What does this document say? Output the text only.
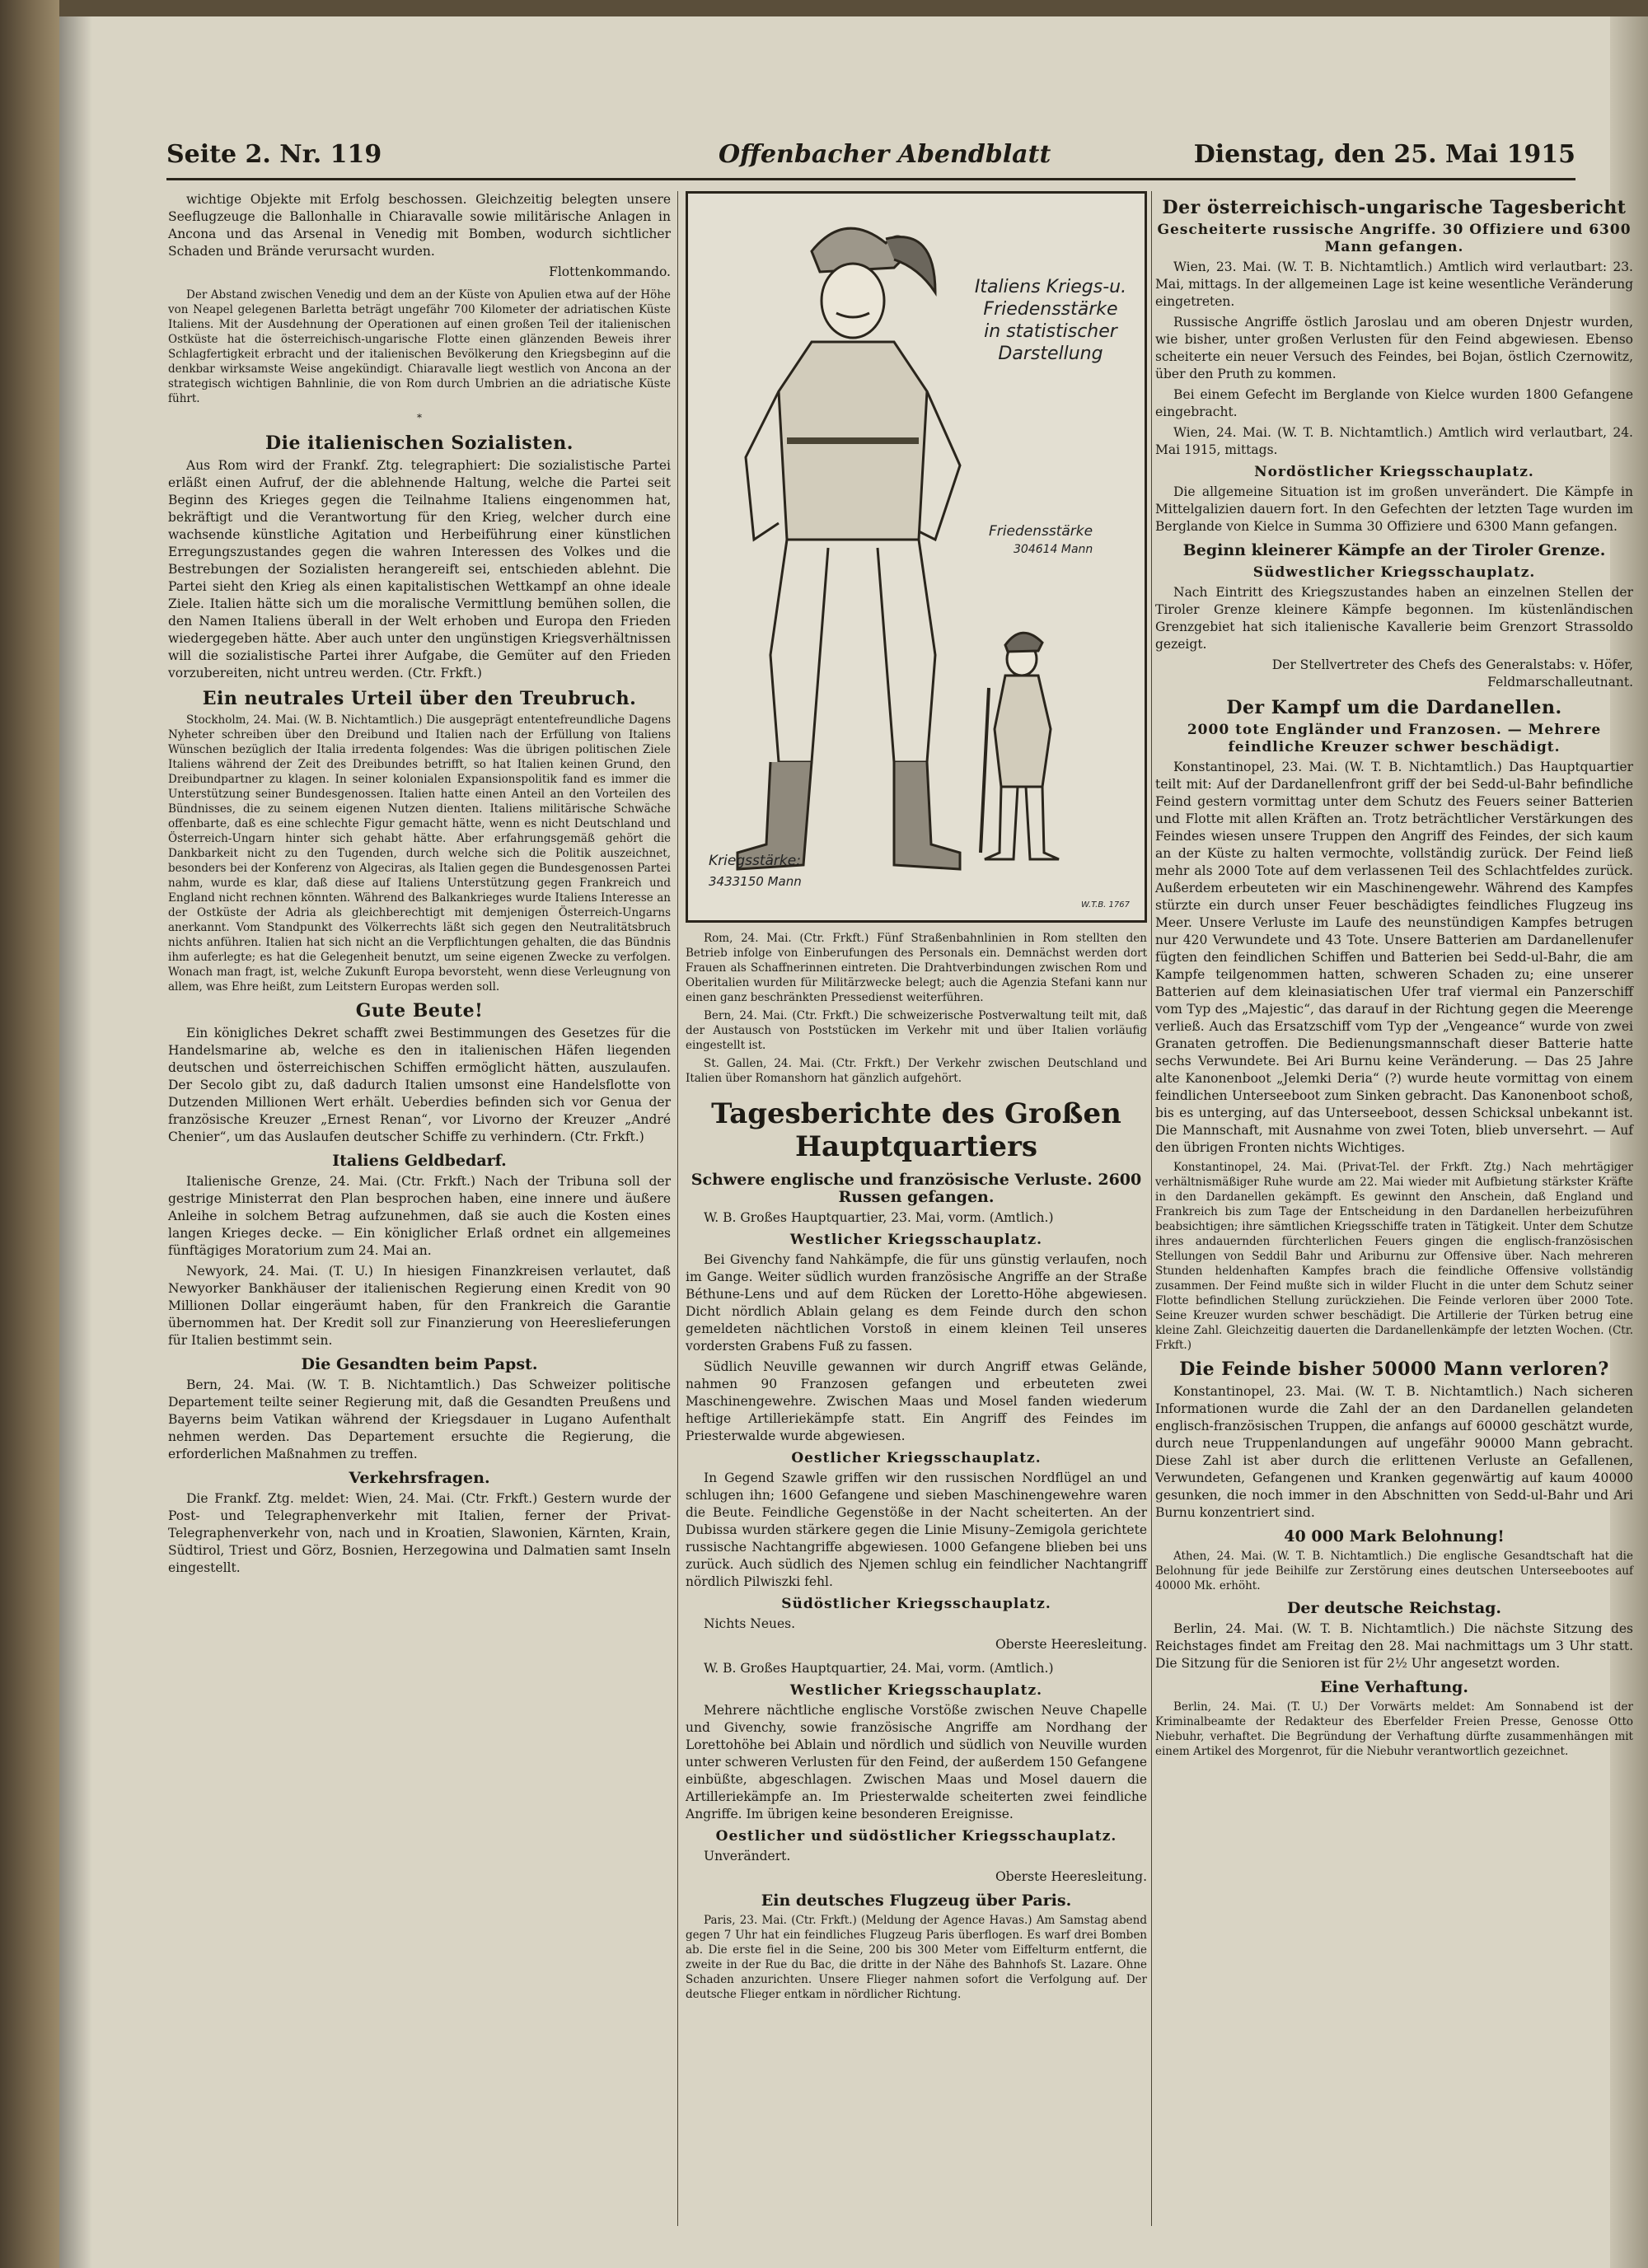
Seite 2. Nr. 119	Offenbacher Abendblatt	Dienstag, den 25. Mai 1915

wichtige Objekte mit Erfolg beschossen. Gleichzeitig belegten unsere Seeflugzeuge die Ballonhalle in Chiaravalle sowie militärische Anlagen in Ancona und das Arsenal in Venedig mit Bomben, wodurch sichtlicher Schaden und Brände verursacht wurden.

Flottenkommando.

Der Abstand zwischen Venedig und dem an der Küste von Apulien etwa auf der Höhe von Neapel gelegenen Barletta beträgt ungefähr 700 Kilometer der adriatischen Küste Italiens. Mit der Ausdehnung der Operationen auf einen großen Teil der italienischen Ostküste hat die österreichisch-ungarische Flotte einen glänzenden Beweis ihrer Schlagfertigkeit erbracht und der italienischen Bevölkerung den Kriegsbeginn auf die denkbar wirksamste Weise angekündigt. Chiaravalle liegt westlich von Ancona an der strategisch wichtigen Bahnlinie, die von Rom durch Umbrien an die adriatische Küste führt.

*
Die italienischen Sozialisten.

Aus Rom wird der Frankf. Ztg. telegraphiert: Die sozialistische Partei erläßt einen Aufruf, der die ablehnende Haltung, welche die Partei seit Beginn des Krieges gegen die Teilnahme Italiens eingenommen hat, bekräftigt und die Verantwortung für den Krieg, welcher durch eine wachsende künstliche Agitation und Herbeiführung einer künstlichen Erregungszustandes gegen die wahren Interessen des Volkes und die Bestrebungen der Sozialisten herangereift sei, entschieden ablehnt. Die Partei sieht den Krieg als einen kapitalistischen Wettkampf an ohne ideale Ziele. Italien hätte sich um die moralische Vermittlung bemühen sollen, die den Namen Italiens überall in der Welt erhoben und Europa den Frieden wiedergegeben hätte. Aber auch unter den ungünstigen Kriegsverhältnissen will die sozialistische Partei ihrer Aufgabe, die Gemüter auf den Frieden vorzubereiten, nicht untreu werden. (Ctr. Frkft.)

Ein neutrales Urteil über den Treubruch.

Stockholm, 24. Mai. (W. B. Nichtamtlich.) Die ausgeprägt ententefreundliche Dagens Nyheter schreiben über den Dreibund und Italien nach der Erfüllung von Italiens Wünschen bezüglich der Italia irredenta folgendes: Was die übrigen politischen Ziele Italiens während der Zeit des Dreibundes betrifft, so hat Italien keinen Grund, den Dreibundpartner zu klagen. In seiner kolonialen Expansionspolitik fand es immer die Unterstützung seiner Bundesgenossen. Italien hatte einen Anteil an den Vorteilen des Bündnisses, die zu seinem eigenen Nutzen dienten. Italiens militärische Schwäche offenbarte, daß es eine schlechte Figur gemacht hätte, wenn es nicht Deutschland und Österreich-Ungarn hinter sich gehabt hätte. Aber erfahrungsgemäß gehört die Dankbarkeit nicht zu den Tugenden, durch welche sich die Politik auszeichnet, besonders bei der Konferenz von Algeciras, als Italien gegen die Bundesgenossen Partei nahm, wurde es klar, daß diese auf Italiens Unterstützung gegen Frankreich und England nicht rechnen könnten. Während des Balkankrieges wurde Italiens Interesse an der Ostküste der Adria als gleichberechtigt mit demjenigen Österreich-Ungarns anerkannt. Vom Standpunkt des Völkerrechts läßt sich gegen den Neutralitätsbruch nichts anführen. Italien hat sich nicht an die Verpflichtungen gehalten, die das Bündnis ihm auferlegte; es hat die Gelegenheit benutzt, um seine eigenen Zwecke zu verfolgen. Wonach man fragt, ist, welche Zukunft Europa bevorsteht, wenn diese Verleugnung von allem, was Ehre heißt, zum Leitstern Europas werden soll.

Gute Beute!

Ein königliches Dekret schafft zwei Bestimmungen des Gesetzes für die Handelsmarine ab, welche es den in italienischen Häfen liegenden deutschen und österreichischen Schiffen ermöglicht hätten, auszulaufen. Der Secolo gibt zu, daß dadurch Italien umsonst eine Handelsflotte von Dutzenden Millionen Wert erhält. Ueberdies befinden sich vor Genua der französische Kreuzer „Ernest Renan“, vor Livorno der Kreuzer „André Chenier“, um das Auslaufen deutscher Schiffe zu verhindern. (Ctr. Frkft.)

Italiens Geldbedarf.

Italienische Grenze, 24. Mai. (Ctr. Frkft.) Nach der Tribuna soll der gestrige Ministerrat den Plan besprochen haben, eine innere und äußere Anleihe in solchem Betrag aufzunehmen, daß sie auch die Kosten eines langen Krieges decke. — Ein königlicher Erlaß ordnet ein allgemeines fünftägiges Moratorium zum 24. Mai an.

Newyork, 24. Mai. (T. U.) In hiesigen Finanzkreisen verlautet, daß Newyorker Bankhäuser der italienischen Regierung einen Kredit von 90 Millionen Dollar eingeräumt haben, für den Frankreich die Garantie übernommen hat. Der Kredit soll zur Finanzierung von Heereslieferungen für Italien bestimmt sein.

Die Gesandten beim Papst.

Bern, 24. Mai. (W. T. B. Nichtamtlich.) Das Schweizer politische Departement teilte seiner Regierung mit, daß die Gesandten Preußens und Bayerns beim Vatikan während der Kriegsdauer in Lugano Aufenthalt nehmen werden. Das Departement ersuchte die Regierung, die erforderlichen Maßnahmen zu treffen.

Verkehrsfragen.

Die Frankf. Ztg. meldet: Wien, 24. Mai. (Ctr. Frkft.) Gestern wurde der Post- und Telegraphenverkehr mit Italien, ferner der Privat-Telegraphenverkehr von, nach und in Kroatien, Slawonien, Kärnten, Krain, Südtirol, Triest und Görz, Bosnien, Herzegowina und Dalmatien samt Inseln eingestellt.

Italiens Kriegs-u. Friedensstärke in statistischer Darstellung
Friedensstärke
304614 Mann
Kriegsstärke:
3433150 Mann
W.T.B. 1767

Rom, 24. Mai. (Ctr. Frkft.) Fünf Straßenbahnlinien in Rom stellten den Betrieb infolge von Einberufungen des Personals ein. Demnächst werden dort Frauen als Schaffnerinnen eintreten. Die Drahtverbindungen zwischen Rom und Oberitalien wurden für Militärzwecke belegt; auch die Agenzia Stefani kann nur einen ganz beschränkten Pressedienst weiterführen.

Bern, 24. Mai. (Ctr. Frkft.) Die schweizerische Postverwaltung teilt mit, daß der Austausch von Poststücken im Verkehr mit und über Italien vorläufig eingestellt ist.

St. Gallen, 24. Mai. (Ctr. Frkft.) Der Verkehr zwischen Deutschland und Italien über Romanshorn hat gänzlich aufgehört.

Tagesberichte des Großen Hauptquartiers
Schwere englische und französische Verluste. 2600 Russen gefangen.

W. B. Großes Hauptquartier, 23. Mai, vorm. (Amtlich.)

Westlicher Kriegsschauplatz.

Bei Givenchy fand Nahkämpfe, die für uns günstig verlaufen, noch im Gange. Weiter südlich wurden französische Angriffe an der Straße Béthune-Lens und auf dem Rücken der Loretto-Höhe abgewiesen. Dicht nördlich Ablain gelang es dem Feinde durch den schon gemeldeten nächtlichen Vorstoß in einem kleinen Teil unseres vordersten Grabens Fuß zu fassen.

Südlich Neuville gewannen wir durch Angriff etwas Gelände, nahmen 90 Franzosen gefangen und erbeuteten zwei Maschinengewehre. Zwischen Maas und Mosel fanden wiederum heftige Artilleriekämpfe statt. Ein Angriff des Feindes im Priesterwalde wurde abgewiesen.

Oestlicher Kriegsschauplatz.

In Gegend Szawle griffen wir den russischen Nordflügel an und schlugen ihn; 1600 Gefangene und sieben Maschinengewehre waren die Beute. Feindliche Gegenstöße in der Nacht scheiterten. An der Dubissa wurden stärkere gegen die Linie Misuny–Zemigola gerichtete russische Nachtangriffe abgewiesen. 1000 Gefangene blieben bei uns zurück. Auch südlich des Njemen schlug ein feindlicher Nachtangriff nördlich Pilwiszki fehl.

Südöstlicher Kriegsschauplatz.

Nichts Neues.

Oberste Heeresleitung.

W. B. Großes Hauptquartier, 24. Mai, vorm. (Amtlich.)

Westlicher Kriegsschauplatz.

Mehrere nächtliche englische Vorstöße zwischen Neuve Chapelle und Givenchy, sowie französische Angriffe am Nordhang der Lorettohöhe bei Ablain und nördlich und südlich von Neuville wurden unter schweren Verlusten für den Feind, der außerdem 150 Gefangene einbüßte, abgeschlagen. Zwischen Maas und Mosel dauern die Artilleriekämpfe an. Im Priesterwalde scheiterten zwei feindliche Angriffe. Im übrigen keine besonderen Ereignisse.

Oestlicher und südöstlicher Kriegsschauplatz.

Unverändert.

Oberste Heeresleitung.
Ein deutsches Flugzeug über Paris.

Paris, 23. Mai. (Ctr. Frkft.) (Meldung der Agence Havas.) Am Samstag abend gegen 7 Uhr hat ein feindliches Flugzeug Paris überflogen. Es warf drei Bomben ab. Die erste fiel in die Seine, 200 bis 300 Meter vom Eiffelturm entfernt, die zweite in der Rue du Bac, die dritte in der Nähe des Bahnhofs St. Lazare. Ohne Schaden anzurichten. Unsere Flieger nahmen sofort die Verfolgung auf. Der deutsche Flieger entkam in nördlicher Richtung.

Der österreichisch-ungarische Tagesbericht
Gescheiterte russische Angriffe. 30 Offiziere und 6300 Mann gefangen.

Wien, 23. Mai. (W. T. B. Nichtamtlich.) Amtlich wird verlautbart: 23. Mai, mittags. In der allgemeinen Lage ist keine wesentliche Veränderung eingetreten.

Russische Angriffe östlich Jaroslau und am oberen Dnjestr wurden, wie bisher, unter großen Verlusten für den Feind abgewiesen. Ebenso scheiterte ein neuer Versuch des Feindes, bei Bojan, östlich Czernowitz, über den Pruth zu kommen.

Bei einem Gefecht im Berglande von Kielce wurden 1800 Gefangene eingebracht.

Wien, 24. Mai. (W. T. B. Nichtamtlich.) Amtlich wird verlautbart, 24. Mai 1915, mittags.

Nordöstlicher Kriegsschauplatz.

Die allgemeine Situation ist im großen unverändert. Die Kämpfe in Mittelgalizien dauern fort. In den Gefechten der letzten Tage wurden im Berglande von Kielce in Summa 30 Offiziere und 6300 Mann gefangen.

Beginn kleinerer Kämpfe an der Tiroler Grenze.
Südwestlicher Kriegsschauplatz.

Nach Eintritt des Kriegszustandes haben an einzelnen Stellen der Tiroler Grenze kleinere Kämpfe begonnen. Im küstenländischen Grenzgebiet hat sich italienische Kavallerie beim Grenzort Strassoldo gezeigt.

Der Stellvertreter des Chefs des Generalstabs: v. Höfer, Feldmarschalleutnant.
Der Kampf um die Dardanellen.
2000 tote Engländer und Franzosen. — Mehrere feindliche Kreuzer schwer beschädigt.

Konstantinopel, 23. Mai. (W. T. B. Nichtamtlich.) Das Hauptquartier teilt mit: Auf der Dardanellenfront griff der bei Sedd-ul-Bahr befindliche Feind gestern vormittag unter dem Schutz des Feuers seiner Batterien und Flotte mit allen Kräften an. Trotz beträchtlicher Verstärkungen des Feindes wiesen unsere Truppen den Angriff des Feindes, der sich kaum an der Küste zu halten vermochte, vollständig zurück. Der Feind ließ mehr als 2000 Tote auf dem verlassenen Teil des Schlachtfeldes zurück. Außerdem erbeuteten wir ein Maschinengewehr. Während des Kampfes stürzte ein durch unser Feuer beschädigtes feindliches Flugzeug ins Meer. Unsere Verluste im Laufe des neunstündigen Kampfes betrugen nur 420 Verwundete und 43 Tote. Unsere Batterien am Dardanellenufer fügten den feindlichen Schiffen und Batterien bei Sedd-ul-Bahr, die am Kampfe teilgenommen hatten, schweren Schaden zu; eine unserer Batterien auf dem kleinasiatischen Ufer traf viermal ein Panzerschiff vom Typ des „Majestic“, das darauf in der Richtung gegen die Meerenge verließ. Auch das Ersatzschiff vom Typ der „Vengeance“ wurde von zwei Granaten getroffen. Die Bedienungsmannschaft dieser Batterie hatte sechs Verwundete. Bei Ari Burnu keine Veränderung. — Das 25 Jahre alte Kanonenboot „Jelemki Deria“ (?) wurde heute vormittag von einem feindlichen Unterseeboot zum Sinken gebracht. Das Kanonenboot schoß, bis es unterging, auf das Unterseeboot, dessen Schicksal unbekannt ist. Die Mannschaft, mit Ausnahme von zwei Toten, blieb unversehrt. — Auf den übrigen Fronten nichts Wichtiges.

Konstantinopel, 24. Mai. (Privat-Tel. der Frkft. Ztg.) Nach mehrtägiger verhältnismäßiger Ruhe wurde am 22. Mai wieder mit Aufbietung stärkster Kräfte in den Dardanellen gekämpft. Es gewinnt den Anschein, daß England und Frankreich bis zum Tage der Entscheidung in den Dardanellen herbeizuführen beabsichtigen; ihre sämtlichen Kriegsschiffe traten in Tätigkeit. Unter dem Schutze ihres andauernden fürchterlichen Feuers gingen die englisch-französischen Stellungen von Seddil Bahr und Ariburnu zur Offensive über. Nach mehreren Stunden heldenhaften Kampfes brach die feindliche Offensive vollständig zusammen. Der Feind mußte sich in wilder Flucht in die unter dem Schutz seiner Flotte befindlichen Stellung zurückziehen. Die Feinde verloren über 2000 Tote. Seine Kreuzer wurden schwer beschädigt. Die Artillerie der Türken betrug eine kleine Zahl. Gleichzeitig dauerten die Dardanellenkämpfe der letzten Wochen. (Ctr. Frkft.)

Die Feinde bisher 50000 Mann verloren?

Konstantinopel, 23. Mai. (W. T. B. Nichtamtlich.) Nach sicheren Informationen wurde die Zahl der an den Dardanellen gelandeten englisch-französischen Truppen, die anfangs auf 60000 geschätzt wurde, durch neue Truppenlandungen auf ungefähr 90000 Mann gebracht. Diese Zahl ist aber durch die erlittenen Verluste an Gefallenen, Verwundeten, Gefangenen und Kranken gegenwärtig auf kaum 40000 gesunken, die noch immer in den Abschnitten von Sedd-ul-Bahr und Ari Burnu konzentriert sind.

40 000 Mark Belohnung!

Athen, 24. Mai. (W. T. B. Nichtamtlich.) Die englische Gesandtschaft hat die Belohnung für jede Beihilfe zur Zerstörung eines deutschen Unterseebootes auf 40000 Mk. erhöht.

Der deutsche Reichstag.

Berlin, 24. Mai. (W. T. B. Nichtamtlich.) Die nächste Sitzung des Reichstages findet am Freitag den 28. Mai nachmittags um 3 Uhr statt. Die Sitzung für die Senioren ist für 2½ Uhr angesetzt worden.

Eine Verhaftung.

Berlin, 24. Mai. (T. U.) Der Vorwärts meldet: Am Sonnabend ist der Kriminalbeamte der Redakteur des Eberfelder Freien Presse, Genosse Otto Niebuhr, verhaftet. Die Begründung der Verhaftung dürfte zusammenhängen mit einem Artikel des Morgenrot, für die Niebuhr verantwortlich gezeichnet.
